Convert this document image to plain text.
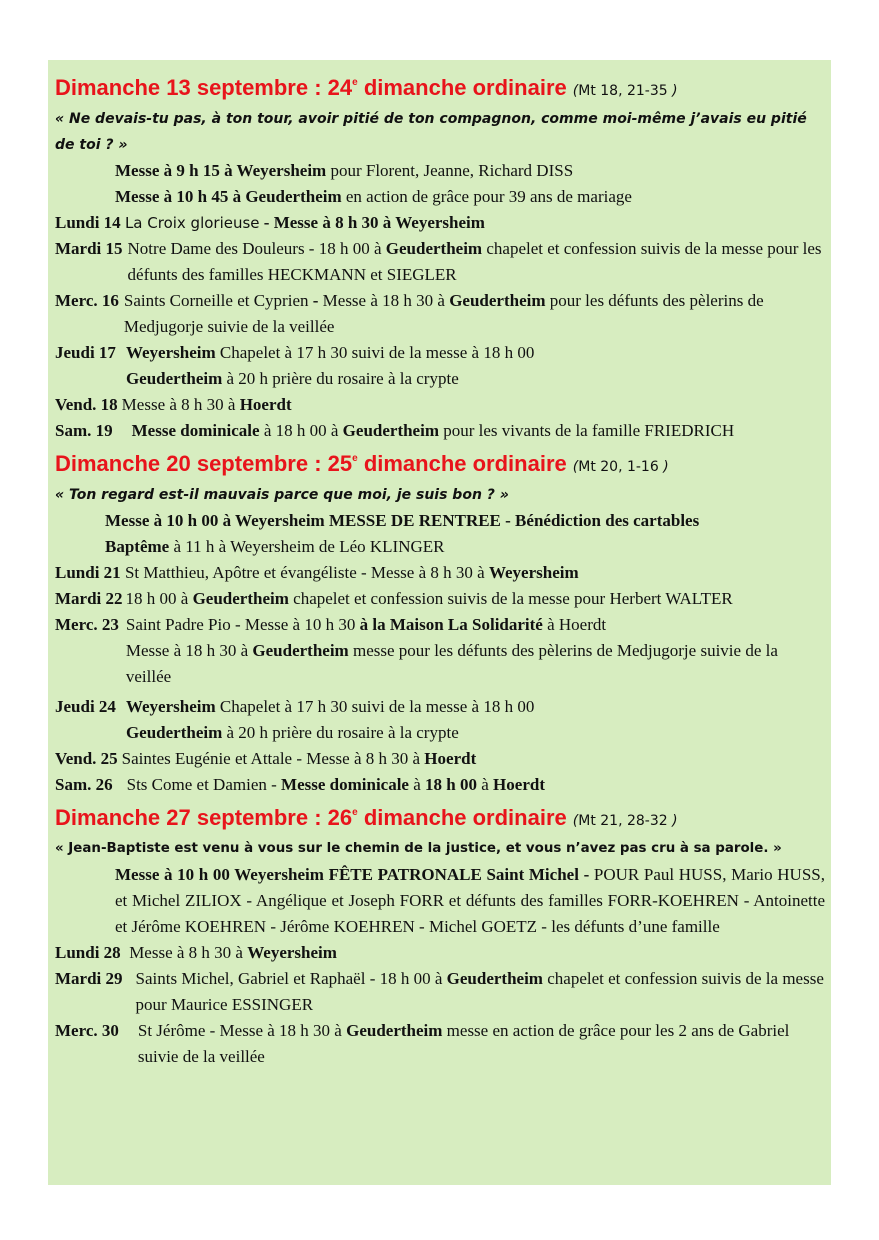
Dimanche 13 septembre : 24e dimanche ordinaire (Mt 18, 21-35 )
« Ne devais-tu pas, à ton tour, avoir pitié de ton compagnon, comme moi-même j’avais eu pitié de toi ? »
Messe à 9 h 15 à Weyersheim pour Florent, Jeanne, Richard DISS
Messe à 10 h 45 à Geudertheim en action de grâce pour 39 ans de mariage
Lundi 14 La Croix glorieuse - Messe à 8 h 30 à Weyersheim
Mardi 15 Notre Dame des Douleurs - 18 h 00 à Geudertheim chapelet et confession suivis de la messe pour les défunts des familles HECKMANN et SIEGLER
Merc. 16 Saints Corneille et Cyprien - Messe à 18 h 30 à Geudertheim pour les défunts des pèlerins de Medjugorje suivie de la veillée
Jeudi 17 Weyersheim Chapelet à 17 h 30 suivi de la messe à 18 h 00
Geudertheim à 20 h prière du rosaire à la crypte
Vend. 18 Messe à 8 h 30 à Hoerdt
Sam. 19	Messe dominicale à 18 h 00 à Geudertheim pour les vivants de la famille FRIEDRICH
Dimanche 20 septembre : 25e dimanche ordinaire (Mt 20, 1-16 )
« Ton regard est-il mauvais parce que moi, je suis bon ? »
Messe à 10 h 00 à Weyersheim MESSE DE RENTREE - Bénédiction des cartables
Baptême à 11 h à Weyersheim de Léo KLINGER
Lundi 21 St Matthieu, Apôtre et évangéliste - Messe à 8 h 30 à Weyersheim
Mardi 22 18 h 00 à Geudertheim chapelet et confession suivis de la messe pour Herbert WALTER
Merc. 23 Saint Padre Pio - Messe à 10 h 30 à la Maison La Solidarité à Hoerdt
Messe à 18 h 30 à Geudertheim messe pour les défunts des pèlerins de Medjugorje suivie de la veillée
Jeudi 24 Weyersheim Chapelet à 17 h 30 suivi de la messe à 18 h 00
Geudertheim à 20 h prière du rosaire à la crypte
Vend. 25 Saintes Eugénie et Attale - Messe à 8 h 30 à Hoerdt
Sam. 26 Sts Come et Damien - Messe dominicale à 18 h 00 à Hoerdt
Dimanche 27 septembre : 26e dimanche ordinaire (Mt 21, 28-32 )
« Jean-Baptiste est venu à vous sur le chemin de la justice, et vous n’avez pas cru à sa parole. »
Messe à 10 h 00 Weyersheim FÊTE PATRONALE Saint Michel - POUR Paul HUSS, Mario HUSS, et Michel ZILIOX - Angélique et Joseph FORR et défunts des familles FORR-KOEHREN - Antoinette et Jérôme KOEHREN - Jérôme KOEHREN - Michel GOETZ - les défunts d’une famille
Lundi 28 Messe à 8 h 30 à Weyersheim
Mardi 29 Saints Michel, Gabriel et Raphaël - 18 h 00 à Geudertheim chapelet et confession suivis de la messe pour Maurice ESSINGER
Merc. 30	St Jérôme - Messe à 18 h 30 à Geudertheim messe en action de grâce pour les 2 ans de Gabriel suivie de la veillée
